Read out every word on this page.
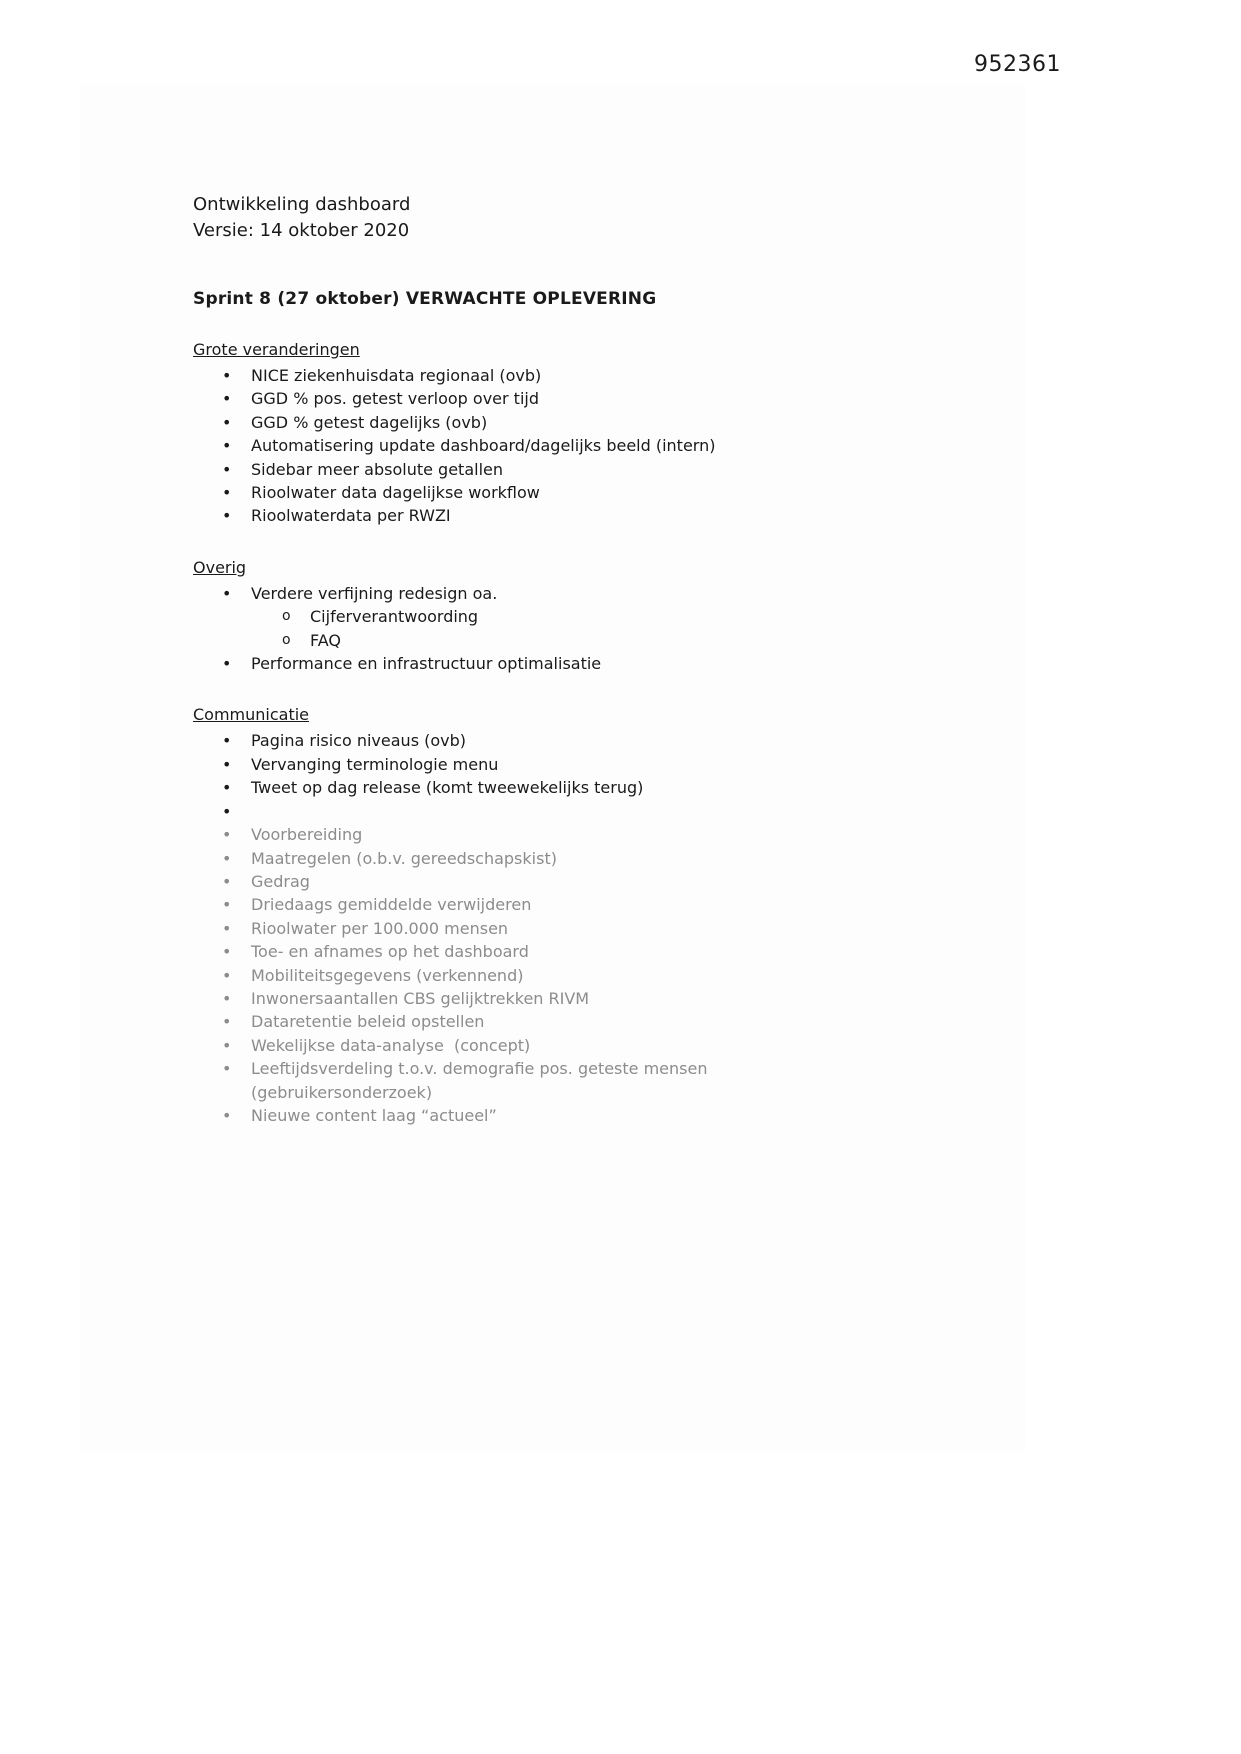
952361
Ontwikkeling dashboard
Versie: 14 oktober 2020
Sprint 8 (27 oktober) VERWACHTE OPLEVERING
Grote veranderingen
•	NICE ziekenhuisdata regionaal (ovb)
•	GGD % pos. getest verloop over tijd
•	GGD % getest dagelijks (ovb)
•	Automatisering update dashboard/dagelijks beeld (intern)
•	Sidebar meer absolute getallen
•	Rioolwater data dagelijkse workflow
•	Rioolwaterdata per RWZI
Overig
•	Verdere verfijning redesign oa.
o	Cijferverantwoording
o	FAQ
•	Performance en infrastructuur optimalisatie
Communicatie
•	Pagina risico niveaus (ovb)
•	Vervanging terminologie menu
•	Tweet op dag release (komt tweewekelijks terug)
•
•	Voorbereiding
•	Maatregelen (o.b.v. gereedschapskist)
•	Gedrag
•	Driedaags gemiddelde verwijderen
•	Rioolwater per 100.000 mensen
•	Toe- en afnames op het dashboard
•	Mobiliteitsgegevens (verkennend)
•	Inwonersaantallen CBS gelijktrekken RIVM
•	Dataretentie beleid opstellen
•	Wekelijkse data-analyse  (concept)
•	Leeftijdsverdeling t.o.v. demografie pos. geteste mensen (gebruikersonderzoek)
•	Nieuwe content laag “actueel”
